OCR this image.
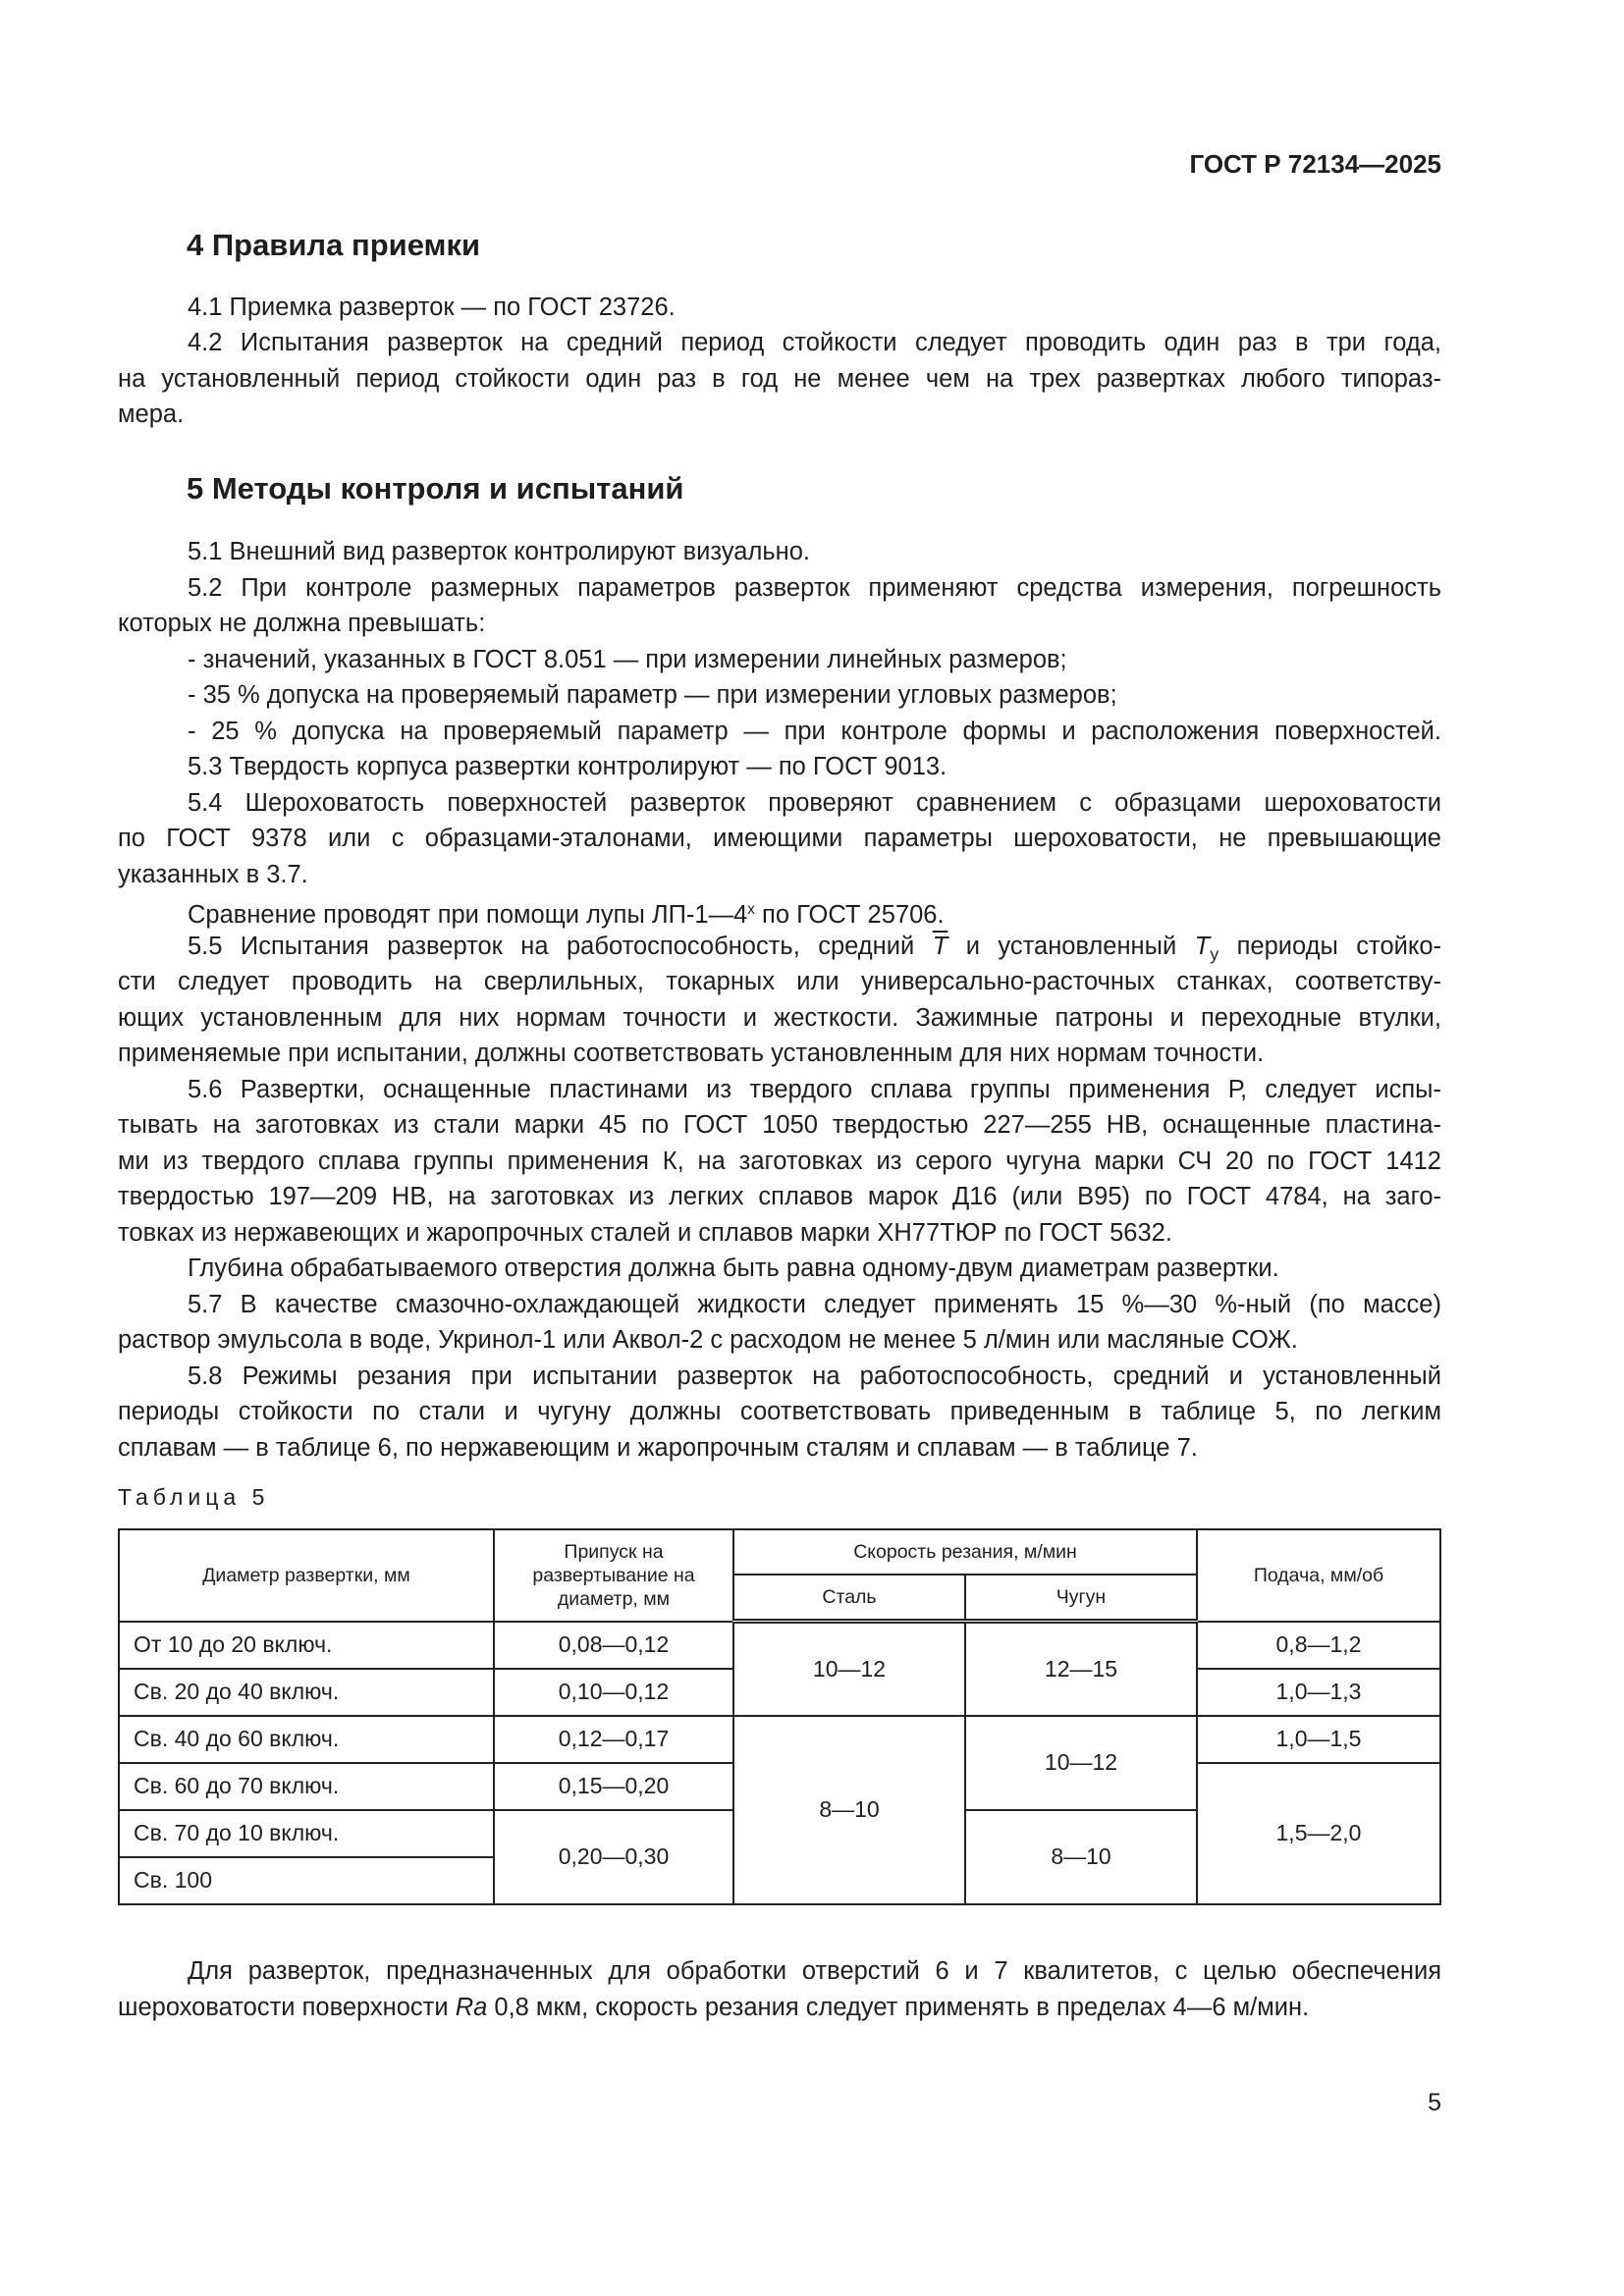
ГОСТ Р 72134—2025
4 Правила приемки
5 Методы контроля и испытаний
4.1 Приемка разверток — по ГОСТ 23726.
4.2 Испытания разверток на средний период стойкости следует проводить один раз в три года,
на установленный период стойкости один раз в год не менее чем на трех развертках любого типораз-
мера.
5.1 Внешний вид разверток контролируют визуально.
5.2 При контроле размерных параметров разверток применяют средства измерения, погрешность
которых не должна превышать:
- значений, указанных в ГОСТ 8.051 — при измерении линейных размеров;
- 35 % допуска на проверяемый параметр — при измерении угловых размеров;
- 25 % допуска на проверяемый параметр — при контроле формы и расположения поверхностей.
5.3 Твердость корпуса развертки контролируют — по ГОСТ 9013.
5.4 Шероховатость поверхностей разверток проверяют сравнением с образцами шероховатости
по ГОСТ 9378 или с образцами-эталонами, имеющими параметры шероховатости, не превышающие
указанных в 3.7.
Сравнение проводят при помощи лупы ЛП-1—4$^x$ по ГОСТ 25706.
5.5 Испытания разверток на работоспособность, средний $\overline{T}$ и установленный $T_y$ периоды стойко-
сти следует проводить на сверлильных, токарных или универсально-расточных станках, соответству-
ющих установленным для них нормам точности и жесткости. Зажимные патроны и переходные втулки,
применяемые при испытании, должны соответствовать установленным для них нормам точности.
5.6 Развертки, оснащенные пластинами из твердого сплава группы применения Р, следует испы-
тывать на заготовках из стали марки 45 по ГОСТ 1050 твердостью 227—255 НВ, оснащенные пластина-
ми из твердого сплава группы применения К, на заготовках из серого чугуна марки СЧ 20 по ГОСТ 1412
твердостью 197—209 НВ, на заготовках из легких сплавов марок Д16 (или В95) по ГОСТ 4784, на заго-
товках из нержавеющих и жаропрочных сталей и сплавов марки ХН77ТЮР по ГОСТ 5632.
Глубина обрабатываемого отверстия должна быть равна одному-двум диаметрам развертки.
5.7 В качестве смазочно-охлаждающей жидкости следует применять 15 %—30 %-ный (по массе)
раствор эмульсола в воде, Укринол-1 или Аквол-2 с расходом не менее 5 л/мин или масляные СОЖ.
5.8 Режимы резания при испытании разверток на работоспособность, средний и установленный
периоды стойкости по стали и чугуну должны соответствовать приведенным в таблице 5, по легким
сплавам — в таблице 6, по нержавеющим и жаропрочным сталям и сплавам — в таблице 7.
Для разверток, предназначенных для обработки отверстий 6 и 7 квалитетов, с целью обеспечения
шероховатости поверхности Ra 0,8 мкм, скорость резания следует применять в пределах 4—6 м/мин.
Таблица 5
Диаметр развертки, мм	Припуск на развертывание на диаметр, мм	Скорость резания, м/мин		Подача, мм/об
		Сталь	Чугун	
От 10 до 20 включ.	0,08—0,12	10—12	12—15	0,8—1,2
Св. 20 до 40 включ.	0,10—0,12			1,0—1,3
Св. 40 до 60 включ.	0,12—0,17	8—10	10—12	1,0—1,5
Св. 60 до 70 включ.	0,15—0,20			1,5—2,0
Св. 70 до 10 включ.	0,20—0,30		8—10	
Св. 100				
5
